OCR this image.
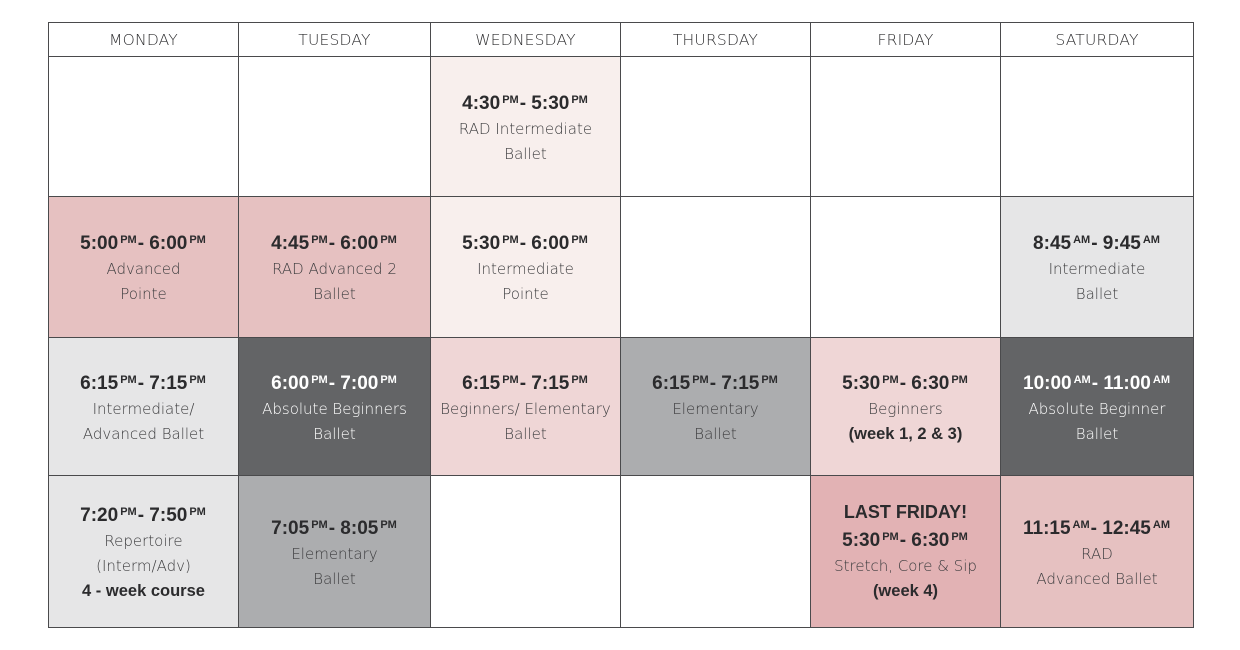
MONDAY	TUESDAY	WEDNESDAY	THURSDAY	FRIDAY	SATURDAY

		4:30 $^{PM}$- 5:30 $^{PM}$
RAD Intermediate
Ballet			

5:00 $^{PM}$- 6:00 $^{PM}$
Advanced
Pointe	4:45 $^{PM}$- 6:00 $^{PM}$
RAD Advanced 2
Ballet	5:30 $^{PM}$- 6:00 $^{PM}$
Intermediate
Pointe			8:45 $^{AM}$- 9:45 $^{AM}$
Intermediate
Ballet

6:15 $^{PM}$- 7:15 $^{PM}$
Intermediate/
Advanced Ballet	6:00 $^{PM}$- 7:00 $^{PM}$
Absolute Beginners
Ballet	6:15 $^{PM}$- 7:15 $^{PM}$
Beginners/ Elementary
Ballet	6:15 $^{PM}$- 7:15 $^{PM}$
Elementary
Ballet	5:30 $^{PM}$- 6:30 $^{PM}$
Beginners
(week 1, 2 & 3)	10:00 $^{AM}$- 11:00 $^{AM}$
Absolute Beginner
Ballet

7:20 $^{PM}$- 7:50 $^{PM}$
Repertoire
(Interm/Adv)
4 - week course	7:05 $^{PM}$- 8:05 $^{PM}$
Elementary
Ballet			LAST FRIDAY!
5:30 $^{PM}$- 6:30 $^{PM}$
Stretch, Core & Sip
(week 4)	11:15 $^{AM}$- 12:45 $^{AM}$
RAD
Advanced Ballet
